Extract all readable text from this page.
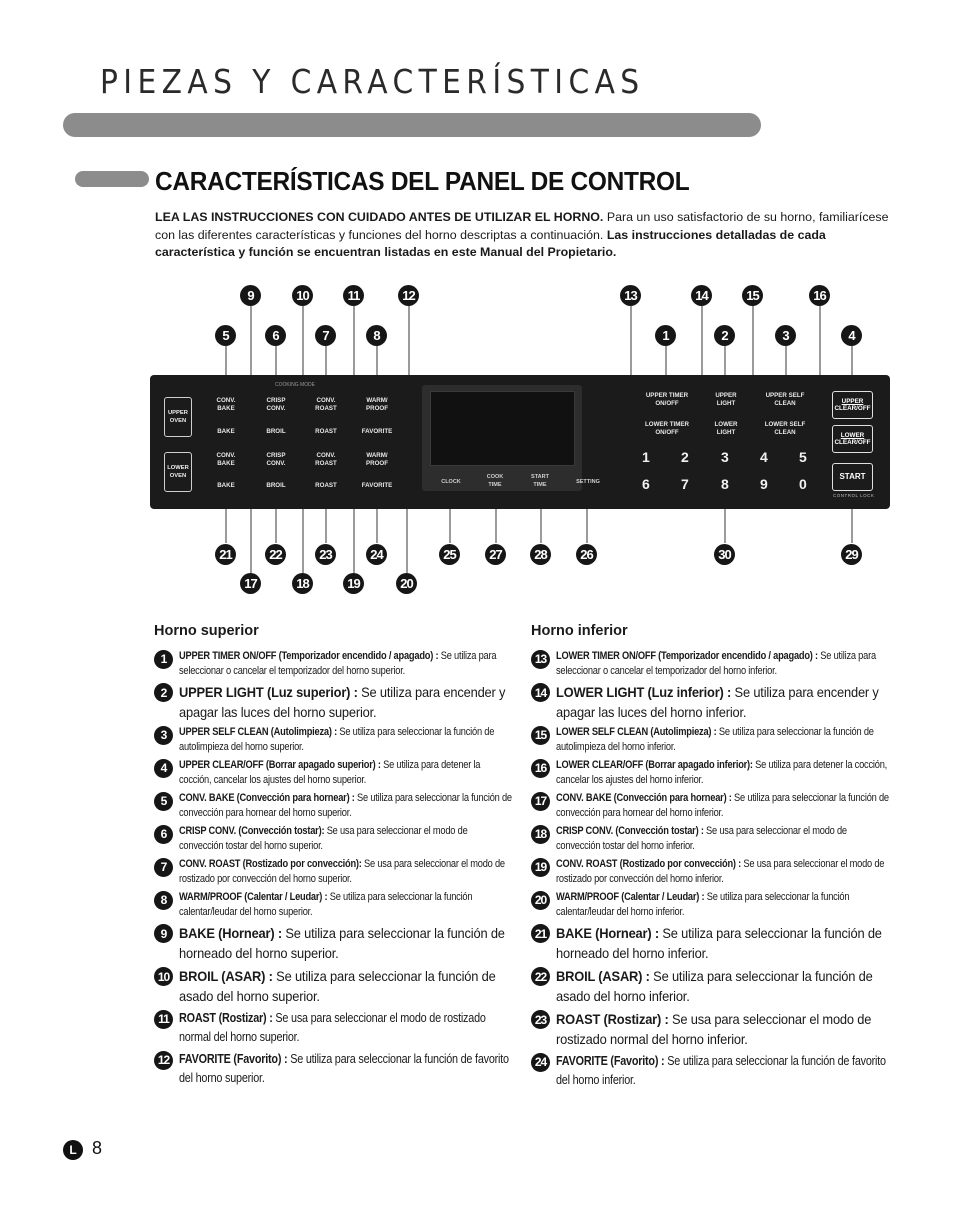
PIEZAS Y CARACTERÍSTICAS
CARACTERÍSTICAS DEL PANEL DE CONTROL

LEA LAS INSTRUCCIONES CON CUIDADO ANTES DE UTILIZAR EL HORNO. Para un uso satisfactorio de su horno, familiarícese con las diferentes características y funciones del horno descriptas a continuación. Las instrucciones detalladas de cada característica y función se encuentran listadas en este Manual del Propietario.

UPPER OVEN
LOWER OVEN
COOKING MODE
CONV. BAKE
CRISP CONV.
CONV. ROAST
WARM/ PROOF
BAKE	BROIL	ROAST	FAVORITE
CONV. BAKE
CRISP CONV.
CONV. ROAST
WARM/ PROOF
BAKE	BROIL	ROAST	FAVORITE	CLOCK
COOK TIME
START TIME	SETTING
UPPER TIMER ON/OFF
UPPER LIGHT
UPPER SELF CLEAN
LOWER TIMER ON/OFF
LOWER LIGHT
LOWER SELF CLEAN
1 2 3 4 5
6 7 8 9 0
UPPER
CLEAR/OFF
LOWER
CLEAR/OFF
START
CONTROL LOCK
9	10	11	12	13	14	15	16
5	6	7	8	1	2	3	4
21	22	23	24	25	27	28	26	30	29
17	18	19	20
Horno superior
1	UPPER TIMER ON/OFF (Temporizador encendido / apagado) : Se utiliza para seleccionar o cancelar el temporizador del horno superior.
2 UPPER LIGHT (Luz superior) : Se utiliza para encender y apagar las luces del horno superior.
3	UPPER SELF CLEAN (Autolimpieza) : Se utiliza para seleccionar la función de autolimpieza del horno superior.
4	UPPER CLEAR/OFF (Borrar apagado superior) : Se utiliza para detener la cocción, cancelar los ajustes del horno superior.
5	CONV. BAKE (Convección para hornear) : Se utiliza para seleccionar la función de convección para hornear del horno superior.
6	CRISP CONV. (Convección tostar): Se usa para seleccionar el modo de convección tostar del horno superior.
7	CONV. ROAST (Rostizado por convección): Se usa para seleccionar el modo de rostizado por convección del horno superior.
8	WARM/PROOF (Calentar / Leudar) : Se utiliza para seleccionar la función calentar/leudar del horno superior.
9 BAKE (Hornear) : Se utiliza para seleccionar la función de horneado del horno superior.
10 BROIL (ASAR) : Se utiliza para seleccionar la función de asado del horno superior.
11 ROAST (Rostizar) : Se usa para seleccionar el modo de rostizado normal del horno superior.
12 FAVORITE (Favorito) : Se utiliza para seleccionar la función de favorito del horno superior.
Horno inferior
13 LOWER TIMER ON/OFF (Temporizador encendido / apagado) : Se utiliza para seleccionar o cancelar el temporizador del horno inferior.
14 LOWER LIGHT (Luz inferior) : Se utiliza para encender y apagar las luces del horno inferior.
15 LOWER SELF CLEAN (Autolimpieza) : Se utiliza para seleccionar la función de autolimpieza del horno inferior.
16 LOWER CLEAR/OFF (Borrar apagado inferior): Se utiliza para detener la cocción, cancelar los ajustes del horno inferior.
17 CONV. BAKE (Convección para hornear) : Se utiliza para seleccionar la función de convección para hornear del horno inferior.
18 CRISP CONV. (Convección tostar) : Se usa para seleccionar el modo de convección tostar del horno inferior.
19 CONV. ROAST (Rostizado por convección) : Se usa para seleccionar el modo de rostizado por convección del horno inferior.
20 WARM/PROOF (Calentar / Leudar) : Se utiliza para seleccionar la función calentar/leudar del horno inferior.
21 BAKE (Hornear) : Se utiliza para seleccionar la función de horneado del horno inferior.
22 BROIL (ASAR) : Se utiliza para seleccionar la función de asado del horno inferior.
23 ROAST (Rostizar) : Se usa para seleccionar el modo de rostizado normal del horno inferior.
24 FAVORITE (Favorito) : Se utiliza para seleccionar la función de favorito del horno inferior.
L 8
